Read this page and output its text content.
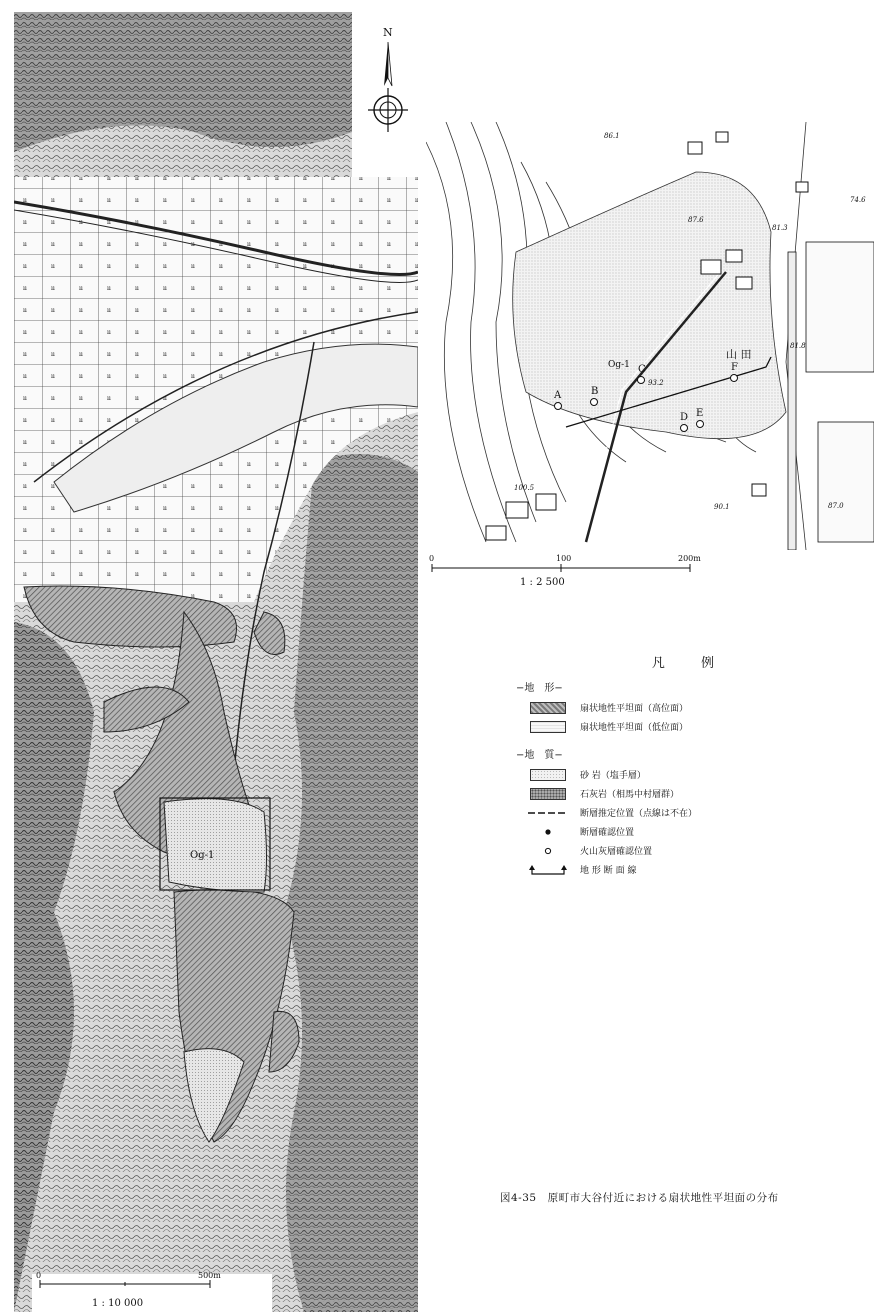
Og-1
0	500m
1 : 10 000
N
Og-1
山 田
86.1
87.6
81.3
74.6
93.2
81.8
100.5
90.1	87.0
A	B
C
D E
F
0	100	200m
1 : 2 500
凡 例
−地　形−
扇状地性平坦面（高位面）
扇状地性平坦面（低位面）
−地　質−
砂 岩（塩手層）
石灰岩（相馬中村層群）
断層推定位置（点線は不在）
断層確認位置
火山灰層確認位置
地 形 断 面 線
図4-35　原町市大谷付近における扇状地性平坦面の分布
